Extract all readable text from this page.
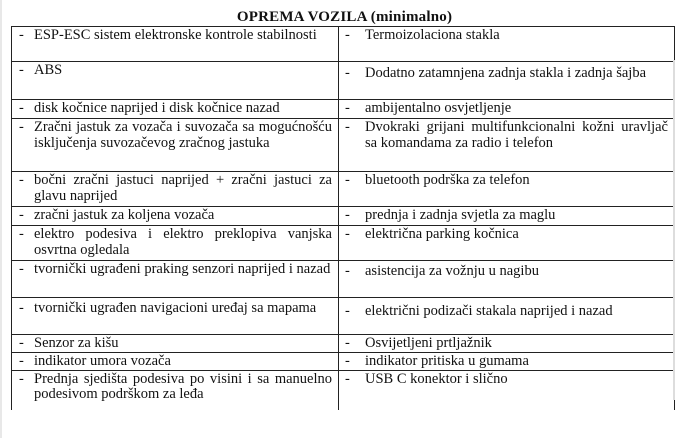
OPREMA VOZILA (minimalno)
- ESP-ESC sistem elektronske kontrole stabilnosti	- Termoizolaciona stakla

- ABS	- Dodatno zatamnjena zadnja stakla i zadnja šajba

- disk kočnice naprijed i disk kočnice nazad	- ambijentalno osvjetljenje

- Zračni jastuk za vozača i suvozača sa mogućnošću isključenja suvozačevog zračnog jastuka	- Dvokraki grijani multifunkcionalni kožni uravljač sa komandama za radio i telefon

- bočni zračni jastuci naprijed + zračni jastuci za glavu naprijed	- bluetooth podrška za telefon

- zračni jastuk za koljena vozača	- prednja i zadnja svjetla za maglu

- elektro podesiva i elektro preklopiva vanjska osvrtna ogledala	- električna parking kočnica

- tvornički ugrađeni praking senzori naprijed i nazad	- asistencija za vožnju u nagibu

- tvornički ugrađen navigacioni uređaj sa mapama	- električni podizači stakala naprijed i nazad

- Senzor za kišu	- Osvijetljeni prtljažnik

- indikator umora vozača	- indikator pritiska u gumama

- Prednja sjedišta podesiva po visini i sa manuelno podesivom podrškom za leđa	- USB C konektor i slično
